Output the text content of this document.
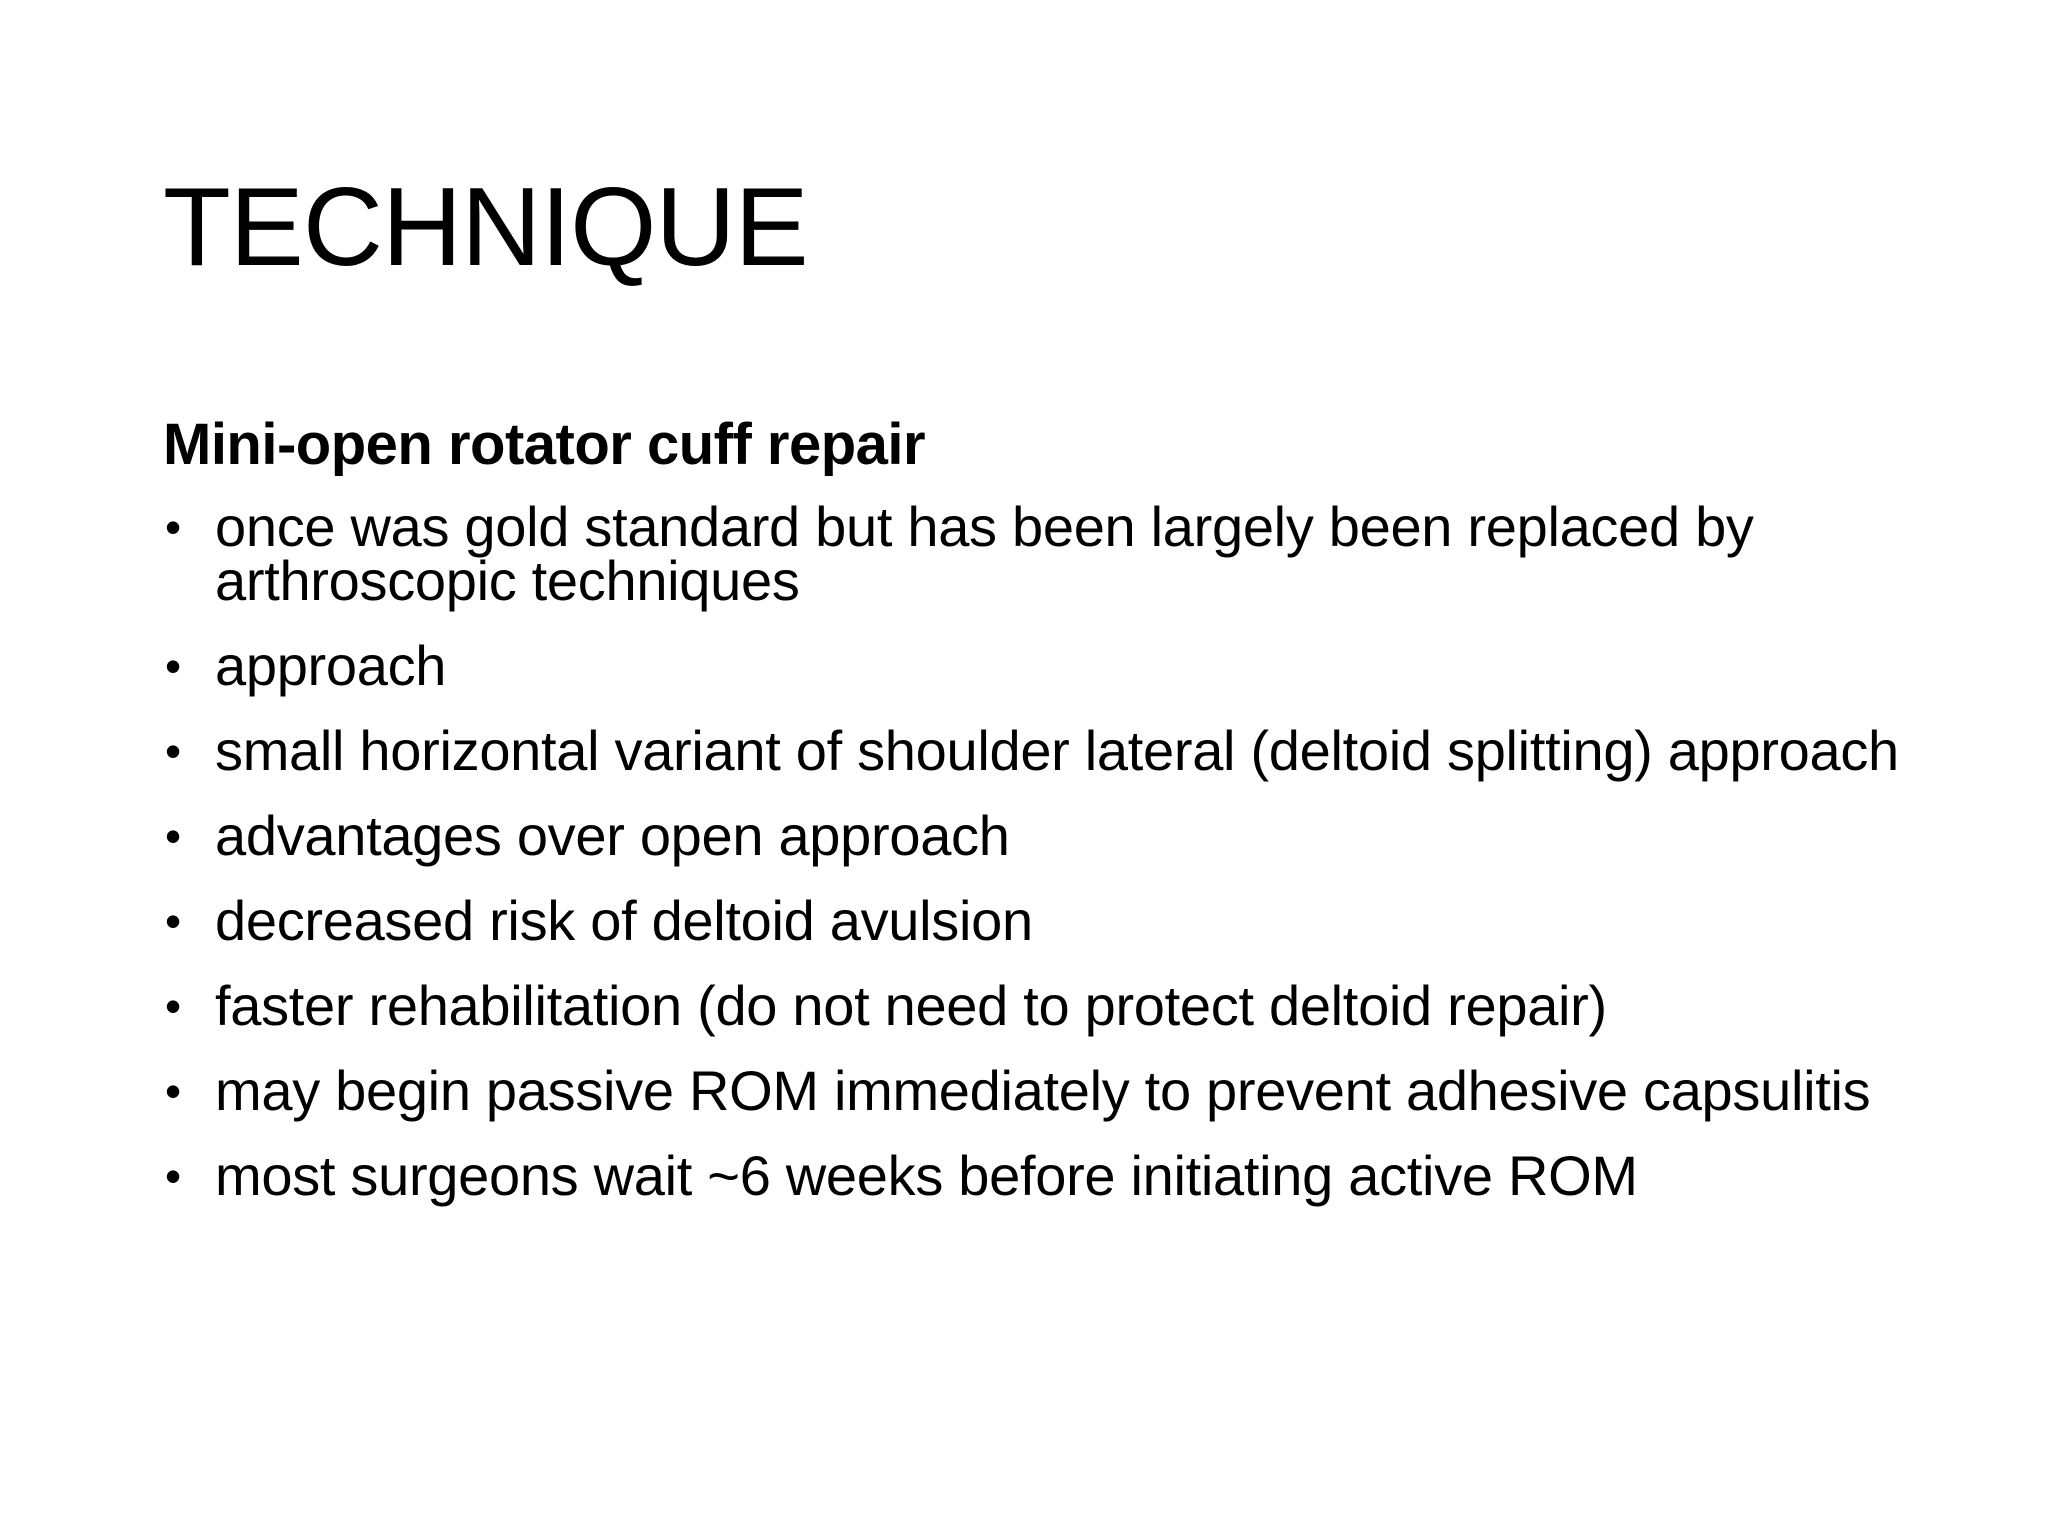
TECHNIQUE
Mini-open rotator cuff repair
• once was gold standard but has been largely been replaced by arthroscopic techniques
• approach
• small horizontal variant of shoulder lateral (deltoid splitting) approach
• advantages over open approach
• decreased risk of deltoid avulsion
• faster rehabilitation (do not need to protect deltoid repair)
• may begin passive ROM immediately to prevent adhesive capsulitis
• most surgeons wait ~6 weeks before initiating active ROM
